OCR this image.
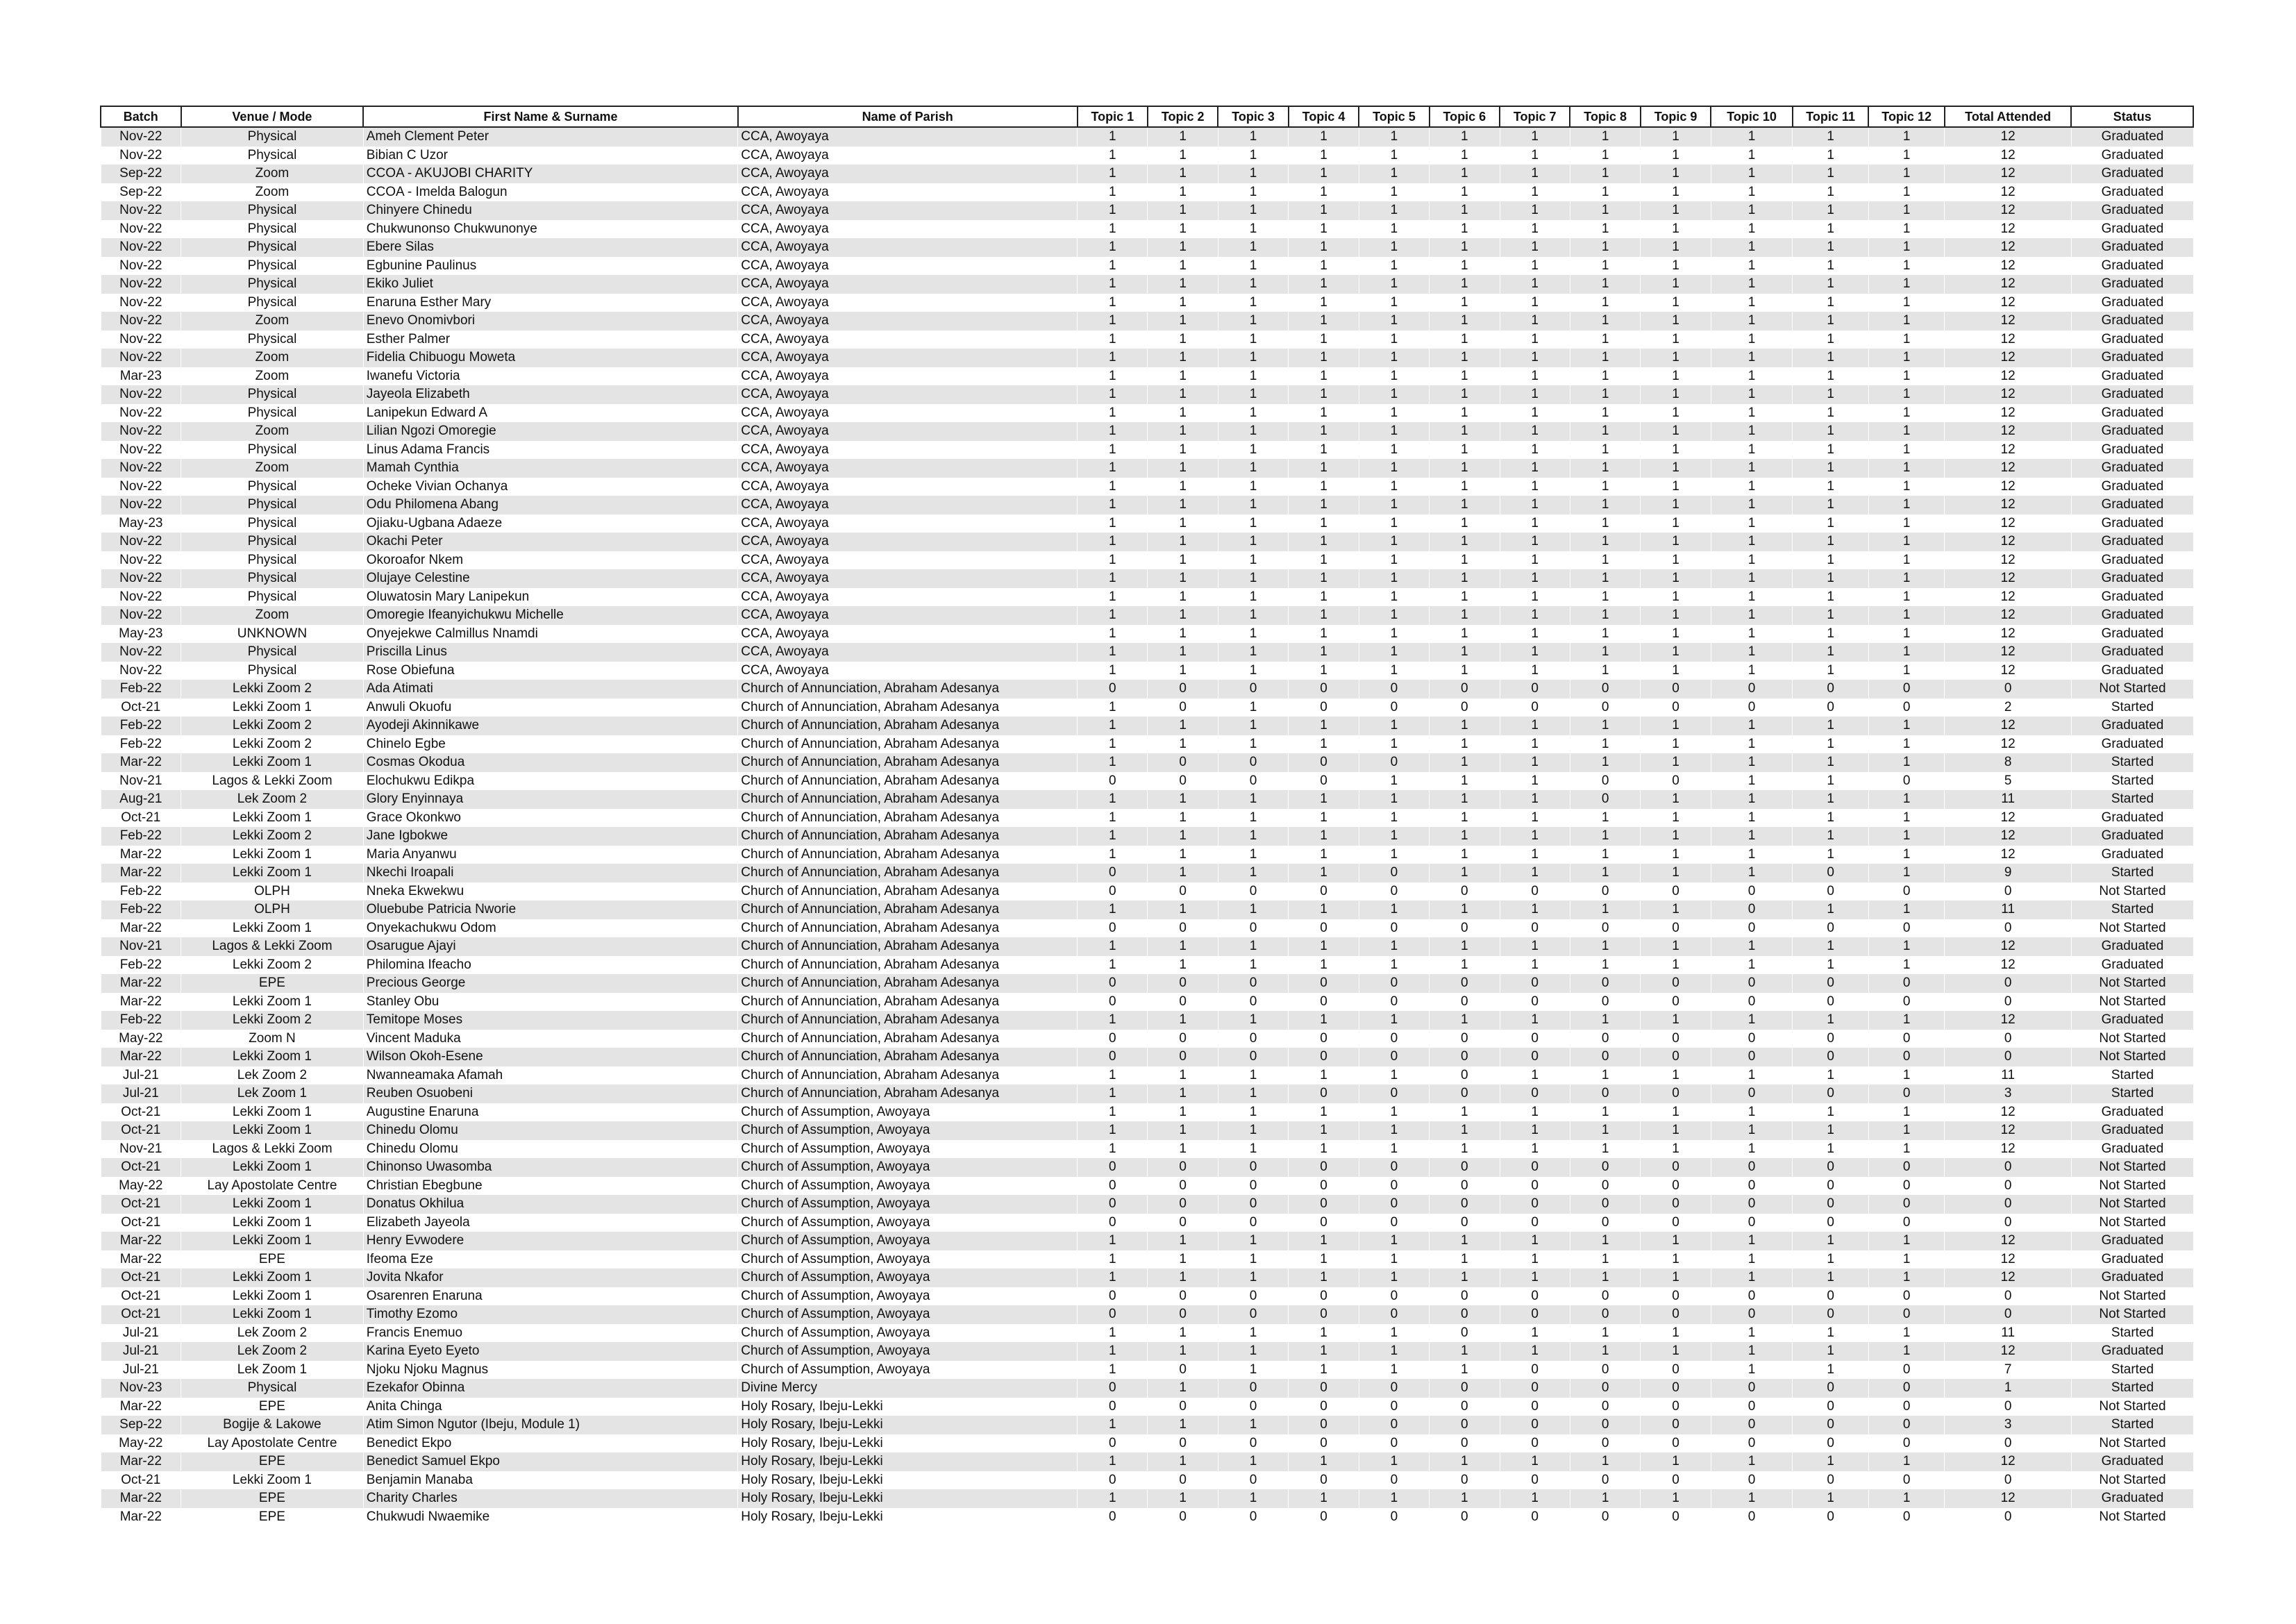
Batch	Venue / Mode	First Name & Surname	Name of Parish	Topic 1	Topic 2	Topic 3	Topic 4	Topic 5	Topic 6	Topic 7	Topic 8	Topic 9	Topic 10	Topic 11	Topic 12	Total Attended	Status
Nov-22	Physical	Ameh Clement Peter	CCA, Awoyaya	1	1	1	1	1	1	1	1	1	1	1	1	12	Graduated
Nov-22	Physical	Bibian C Uzor	CCA, Awoyaya	1	1	1	1	1	1	1	1	1	1	1	1	12	Graduated
Sep-22	Zoom	CCOA - AKUJOBI CHARITY	CCA, Awoyaya	1	1	1	1	1	1	1	1	1	1	1	1	12	Graduated
Sep-22	Zoom	CCOA - Imelda Balogun	CCA, Awoyaya	1	1	1	1	1	1	1	1	1	1	1	1	12	Graduated
Nov-22	Physical	Chinyere Chinedu	CCA, Awoyaya	1	1	1	1	1	1	1	1	1	1	1	1	12	Graduated
Nov-22	Physical	Chukwunonso Chukwunonye	CCA, Awoyaya	1	1	1	1	1	1	1	1	1	1	1	1	12	Graduated
Nov-22	Physical	Ebere Silas	CCA, Awoyaya	1	1	1	1	1	1	1	1	1	1	1	1	12	Graduated
Nov-22	Physical	Egbunine Paulinus	CCA, Awoyaya	1	1	1	1	1	1	1	1	1	1	1	1	12	Graduated
Nov-22	Physical	Ekiko Juliet	CCA, Awoyaya	1	1	1	1	1	1	1	1	1	1	1	1	12	Graduated
Nov-22	Physical	Enaruna Esther Mary	CCA, Awoyaya	1	1	1	1	1	1	1	1	1	1	1	1	12	Graduated
Nov-22	Zoom	Enevo Onomivbori	CCA, Awoyaya	1	1	1	1	1	1	1	1	1	1	1	1	12	Graduated
Nov-22	Physical	Esther Palmer	CCA, Awoyaya	1	1	1	1	1	1	1	1	1	1	1	1	12	Graduated
Nov-22	Zoom	Fidelia Chibuogu Moweta	CCA, Awoyaya	1	1	1	1	1	1	1	1	1	1	1	1	12	Graduated
Mar-23	Zoom	Iwanefu Victoria	CCA, Awoyaya	1	1	1	1	1	1	1	1	1	1	1	1	12	Graduated
Nov-22	Physical	Jayeola Elizabeth	CCA, Awoyaya	1	1	1	1	1	1	1	1	1	1	1	1	12	Graduated
Nov-22	Physical	Lanipekun Edward A	CCA, Awoyaya	1	1	1	1	1	1	1	1	1	1	1	1	12	Graduated
Nov-22	Zoom	Lilian Ngozi Omoregie	CCA, Awoyaya	1	1	1	1	1	1	1	1	1	1	1	1	12	Graduated
Nov-22	Physical	Linus Adama Francis	CCA, Awoyaya	1	1	1	1	1	1	1	1	1	1	1	1	12	Graduated
Nov-22	Zoom	Mamah Cynthia	CCA, Awoyaya	1	1	1	1	1	1	1	1	1	1	1	1	12	Graduated
Nov-22	Physical	Ocheke Vivian Ochanya	CCA, Awoyaya	1	1	1	1	1	1	1	1	1	1	1	1	12	Graduated
Nov-22	Physical	Odu Philomena Abang	CCA, Awoyaya	1	1	1	1	1	1	1	1	1	1	1	1	12	Graduated
May-23	Physical	Ojiaku-Ugbana Adaeze	CCA, Awoyaya	1	1	1	1	1	1	1	1	1	1	1	1	12	Graduated
Nov-22	Physical	Okachi Peter	CCA, Awoyaya	1	1	1	1	1	1	1	1	1	1	1	1	12	Graduated
Nov-22	Physical	Okoroafor Nkem	CCA, Awoyaya	1	1	1	1	1	1	1	1	1	1	1	1	12	Graduated
Nov-22	Physical	Olujaye Celestine	CCA, Awoyaya	1	1	1	1	1	1	1	1	1	1	1	1	12	Graduated
Nov-22	Physical	Oluwatosin Mary Lanipekun	CCA, Awoyaya	1	1	1	1	1	1	1	1	1	1	1	1	12	Graduated
Nov-22	Zoom	Omoregie Ifeanyichukwu Michelle	CCA, Awoyaya	1	1	1	1	1	1	1	1	1	1	1	1	12	Graduated
May-23	UNKNOWN	Onyejekwe Calmillus Nnamdi	CCA, Awoyaya	1	1	1	1	1	1	1	1	1	1	1	1	12	Graduated
Nov-22	Physical	Priscilla Linus	CCA, Awoyaya	1	1	1	1	1	1	1	1	1	1	1	1	12	Graduated
Nov-22	Physical	Rose Obiefuna	CCA, Awoyaya	1	1	1	1	1	1	1	1	1	1	1	1	12	Graduated
Feb-22	Lekki Zoom 2	Ada Atimati	Church of Annunciation, Abraham Adesanya	0	0	0	0	0	0	0	0	0	0	0	0	0	Not Started
Oct-21	Lekki Zoom 1	Anwuli Okuofu	Church of Annunciation, Abraham Adesanya	1	0	1	0	0	0	0	0	0	0	0	0	2	Started
Feb-22	Lekki Zoom 2	Ayodeji Akinnikawe	Church of Annunciation, Abraham Adesanya	1	1	1	1	1	1	1	1	1	1	1	1	12	Graduated
Feb-22	Lekki Zoom 2	Chinelo Egbe	Church of Annunciation, Abraham Adesanya	1	1	1	1	1	1	1	1	1	1	1	1	12	Graduated
Mar-22	Lekki Zoom 1	Cosmas Okodua	Church of Annunciation, Abraham Adesanya	1	0	0	0	0	1	1	1	1	1	1	1	8	Started
Nov-21	Lagos & Lekki Zoom	Elochukwu Edikpa	Church of Annunciation, Abraham Adesanya	0	0	0	0	1	1	1	0	0	1	1	0	5	Started
Aug-21	Lek Zoom 2	Glory Enyinnaya	Church of Annunciation, Abraham Adesanya	1	1	1	1	1	1	1	0	1	1	1	1	11	Started
Oct-21	Lekki Zoom 1	Grace Okonkwo	Church of Annunciation, Abraham Adesanya	1	1	1	1	1	1	1	1	1	1	1	1	12	Graduated
Feb-22	Lekki Zoom 2	Jane Igbokwe	Church of Annunciation, Abraham Adesanya	1	1	1	1	1	1	1	1	1	1	1	1	12	Graduated
Mar-22	Lekki Zoom 1	Maria Anyanwu	Church of Annunciation, Abraham Adesanya	1	1	1	1	1	1	1	1	1	1	1	1	12	Graduated
Mar-22	Lekki Zoom 1	Nkechi Iroapali	Church of Annunciation, Abraham Adesanya	0	1	1	1	0	1	1	1	1	1	0	1	9	Started
Feb-22	OLPH	Nneka Ekwekwu	Church of Annunciation, Abraham Adesanya	0	0	0	0	0	0	0	0	0	0	0	0	0	Not Started
Feb-22	OLPH	Oluebube Patricia Nworie	Church of Annunciation, Abraham Adesanya	1	1	1	1	1	1	1	1	1	0	1	1	11	Started
Mar-22	Lekki Zoom 1	Onyekachukwu Odom	Church of Annunciation, Abraham Adesanya	0	0	0	0	0	0	0	0	0	0	0	0	0	Not Started
Nov-21	Lagos & Lekki Zoom	Osarugue Ajayi	Church of Annunciation, Abraham Adesanya	1	1	1	1	1	1	1	1	1	1	1	1	12	Graduated
Feb-22	Lekki Zoom 2	Philomina Ifeacho	Church of Annunciation, Abraham Adesanya	1	1	1	1	1	1	1	1	1	1	1	1	12	Graduated
Mar-22	EPE	Precious George	Church of Annunciation, Abraham Adesanya	0	0	0	0	0	0	0	0	0	0	0	0	0	Not Started
Mar-22	Lekki Zoom 1	Stanley Obu	Church of Annunciation, Abraham Adesanya	0	0	0	0	0	0	0	0	0	0	0	0	0	Not Started
Feb-22	Lekki Zoom 2	Temitope Moses	Church of Annunciation, Abraham Adesanya	1	1	1	1	1	1	1	1	1	1	1	1	12	Graduated
May-22	Zoom N	Vincent Maduka	Church of Annunciation, Abraham Adesanya	0	0	0	0	0	0	0	0	0	0	0	0	0	Not Started
Mar-22	Lekki Zoom 1	Wilson Okoh-Esene	Church of Annunciation, Abraham Adesanya	0	0	0	0	0	0	0	0	0	0	0	0	0	Not Started
Jul-21	Lek Zoom 2	Nwanneamaka Afamah	Church of Annunciation, Abraham Adesanya	1	1	1	1	1	0	1	1	1	1	1	1	11	Started
Jul-21	Lek Zoom 1	Reuben Osuobeni	Church of Annunciation, Abraham Adesanya	1	1	1	0	0	0	0	0	0	0	0	0	3	Started
Oct-21	Lekki Zoom 1	Augustine Enaruna	Church of Assumption, Awoyaya	1	1	1	1	1	1	1	1	1	1	1	1	12	Graduated
Oct-21	Lekki Zoom 1	Chinedu Olomu	Church of Assumption, Awoyaya	1	1	1	1	1	1	1	1	1	1	1	1	12	Graduated
Nov-21	Lagos & Lekki Zoom	Chinedu Olomu	Church of Assumption, Awoyaya	1	1	1	1	1	1	1	1	1	1	1	1	12	Graduated
Oct-21	Lekki Zoom 1	Chinonso Uwasomba	Church of Assumption, Awoyaya	0	0	0	0	0	0	0	0	0	0	0	0	0	Not Started
May-22	Lay Apostolate Centre	Christian Ebegbune	Church of Assumption, Awoyaya	0	0	0	0	0	0	0	0	0	0	0	0	0	Not Started
Oct-21	Lekki Zoom 1	Donatus Okhilua	Church of Assumption, Awoyaya	0	0	0	0	0	0	0	0	0	0	0	0	0	Not Started
Oct-21	Lekki Zoom 1	Elizabeth Jayeola	Church of Assumption, Awoyaya	0	0	0	0	0	0	0	0	0	0	0	0	0	Not Started
Mar-22	Lekki Zoom 1	Henry Evwodere	Church of Assumption, Awoyaya	1	1	1	1	1	1	1	1	1	1	1	1	12	Graduated
Mar-22	EPE	Ifeoma Eze	Church of Assumption, Awoyaya	1	1	1	1	1	1	1	1	1	1	1	1	12	Graduated
Oct-21	Lekki Zoom 1	Jovita Nkafor	Church of Assumption, Awoyaya	1	1	1	1	1	1	1	1	1	1	1	1	12	Graduated
Oct-21	Lekki Zoom 1	Osarenren Enaruna	Church of Assumption, Awoyaya	0	0	0	0	0	0	0	0	0	0	0	0	0	Not Started
Oct-21	Lekki Zoom 1	Timothy Ezomo	Church of Assumption, Awoyaya	0	0	0	0	0	0	0	0	0	0	0	0	0	Not Started
Jul-21	Lek Zoom 2	Francis Enemuo	Church of Assumption, Awoyaya	1	1	1	1	1	0	1	1	1	1	1	1	11	Started
Jul-21	Lek Zoom 2	Karina Eyeto Eyeto	Church of Assumption, Awoyaya	1	1	1	1	1	1	1	1	1	1	1	1	12	Graduated
Jul-21	Lek Zoom 1	Njoku Njoku Magnus	Church of Assumption, Awoyaya	1	0	1	1	1	1	0	0	0	1	1	0	7	Started
Nov-23	Physical	Ezekafor Obinna	Divine Mercy	0	1	0	0	0	0	0	0	0	0	0	0	1	Started
Mar-22	EPE	Anita Chinga	Holy Rosary, Ibeju-Lekki	0	0	0	0	0	0	0	0	0	0	0	0	0	Not Started
Sep-22	Bogije & Lakowe	Atim Simon Ngutor (Ibeju, Module 1)	Holy Rosary, Ibeju-Lekki	1	1	1	0	0	0	0	0	0	0	0	0	3	Started
May-22	Lay Apostolate Centre	Benedict Ekpo	Holy Rosary, Ibeju-Lekki	0	0	0	0	0	0	0	0	0	0	0	0	0	Not Started
Mar-22	EPE	Benedict Samuel Ekpo	Holy Rosary, Ibeju-Lekki	1	1	1	1	1	1	1	1	1	1	1	1	12	Graduated
Oct-21	Lekki Zoom 1	Benjamin Manaba	Holy Rosary, Ibeju-Lekki	0	0	0	0	0	0	0	0	0	0	0	0	0	Not Started
Mar-22	EPE	Charity Charles	Holy Rosary, Ibeju-Lekki	1	1	1	1	1	1	1	1	1	1	1	1	12	Graduated
Mar-22	EPE	Chukwudi Nwaemike	Holy Rosary, Ibeju-Lekki	0	0	0	0	0	0	0	0	0	0	0	0	0	Not Started
